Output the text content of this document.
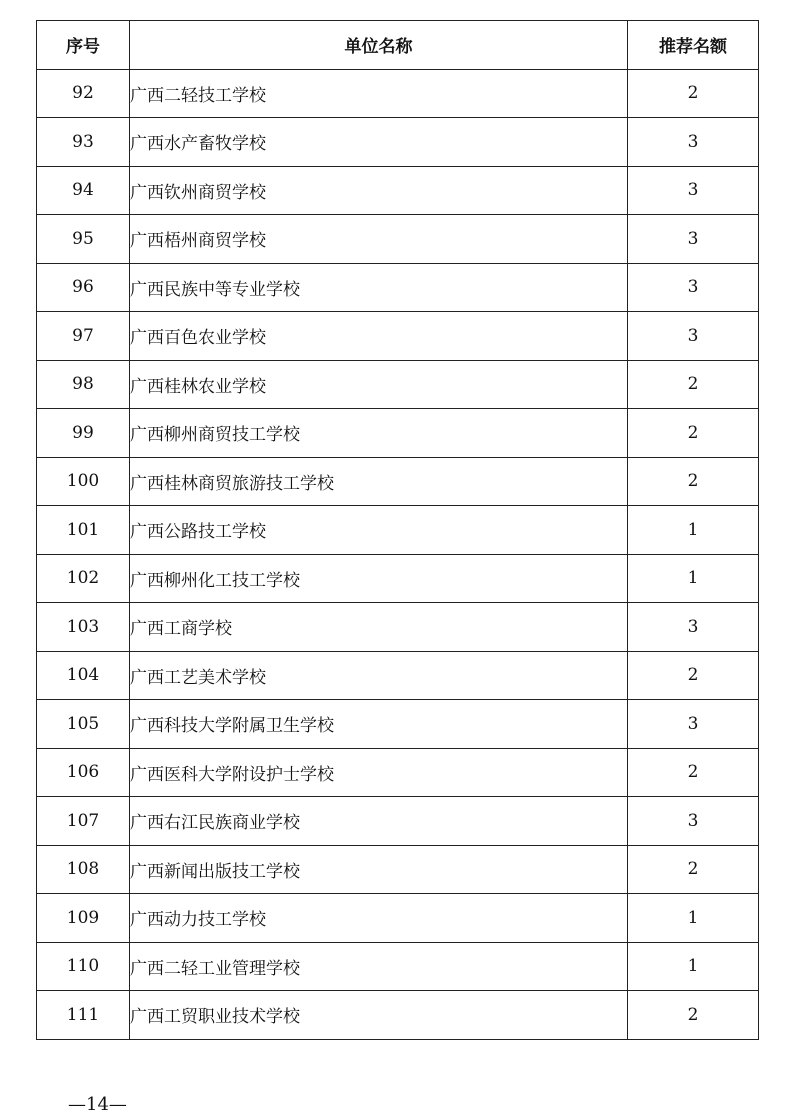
序号	单位名称	推荐名额
92	广西二轻技工学校	2
93	广西水产畜牧学校	3
94	广西钦州商贸学校	3
95	广西梧州商贸学校	3
96	广西民族中等专业学校	3
97	广西百色农业学校	3
98	广西桂林农业学校	2
99	广西柳州商贸技工学校	2
100	广西桂林商贸旅游技工学校	2
101	广西公路技工学校	1
102	广西柳州化工技工学校	1
103	广西工商学校	3
104	广西工艺美术学校	2
105	广西科技大学附属卫生学校	3
106	广西医科大学附设护士学校	2
107	广西右江民族商业学校	3
108	广西新闻出版技工学校	2
109	广西动力技工学校	1
110	广西二轻工业管理学校	1
111	广西工贸职业技术学校	2
—14—
